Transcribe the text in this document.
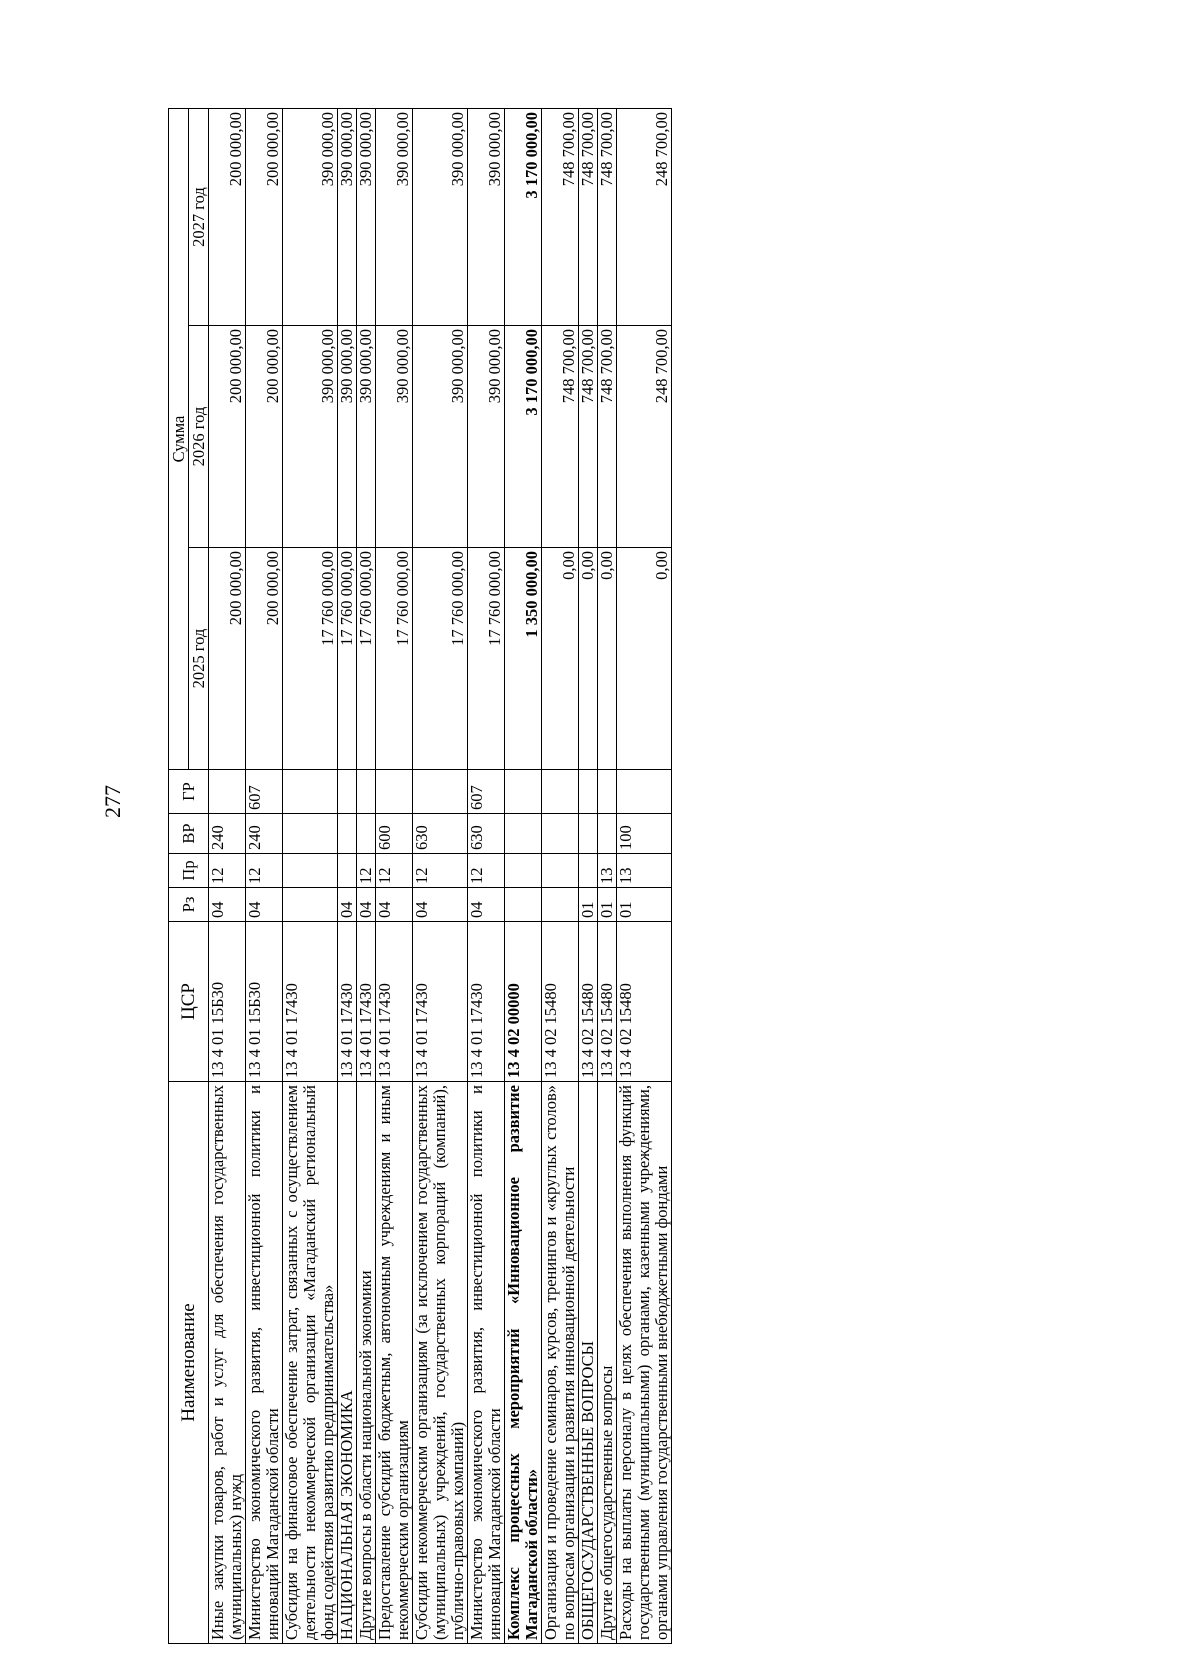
277
Наименование	ЦСР	Рз	Пр	ВР	ГР	Сумма		
						2025 год	2026 год	2027 год
Иные закупки товаров, работ и услуг для обеспечения государственных (муниципальных) нужд	13 4 01 15Б30	04	12	240		200 000,00	200 000,00	200 000,00
Министерство экономического развития, инвестиционной политики и инноваций Магаданской области	13 4 01 15Б30	04	12	240	607	200 000,00	200 000,00	200 000,00
Субсидия на финансовое обеспечение затрат, связанных с осуществлением деятельности некоммерческой организации «Магаданский региональный фонд содействия развитию предпринимательства»	13 4 01 17430					17 760 000,00	390 000,00	390 000,00
НАЦИОНАЛЬНАЯ ЭКОНОМИКА	13 4 01 17430	04				17 760 000,00	390 000,00	390 000,00
Другие вопросы в области национальной экономики	13 4 01 17430	04	12			17 760 000,00	390 000,00	390 000,00
Предоставление субсидий бюджетным, автономным учреждениям и иным некоммерческим организациям	13 4 01 17430	04	12	600		17 760 000,00	390 000,00	390 000,00
Субсидии некоммерческим организациям (за исключением государственных (муниципальных) учреждений, государственных корпораций (компаний), публично-правовых компаний)	13 4 01 17430	04	12	630		17 760 000,00	390 000,00	390 000,00
Министерство экономического развития, инвестиционной политики и инноваций Магаданской области	13 4 01 17430	04	12	630	607	17 760 000,00	390 000,00	390 000,00
Комплекс процессных мероприятий «Инновационное развитие Магаданской области»	13 4 02 00000					1 350 000,00	3 170 000,00	3 170 000,00
Организация и проведение семинаров, курсов, тренингов и «круглых столов» по вопросам организации и развития инновационной деятельности	13 4 02 15480					0,00	748 700,00	748 700,00
ОБЩЕГОСУДАРСТВЕННЫЕ ВОПРОСЫ	13 4 02 15480	01				0,00	748 700,00	748 700,00
Другие общегосударственные вопросы	13 4 02 15480	01	13			0,00	748 700,00	748 700,00
Расходы на выплаты персоналу в целях обеспечения выполнения функций государственными (муниципальными) органами, казенными учреждениями, органами управления государственными внебюджетными фондами	13 4 02 15480	01	13	100		0,00	248 700,00	248 700,00
